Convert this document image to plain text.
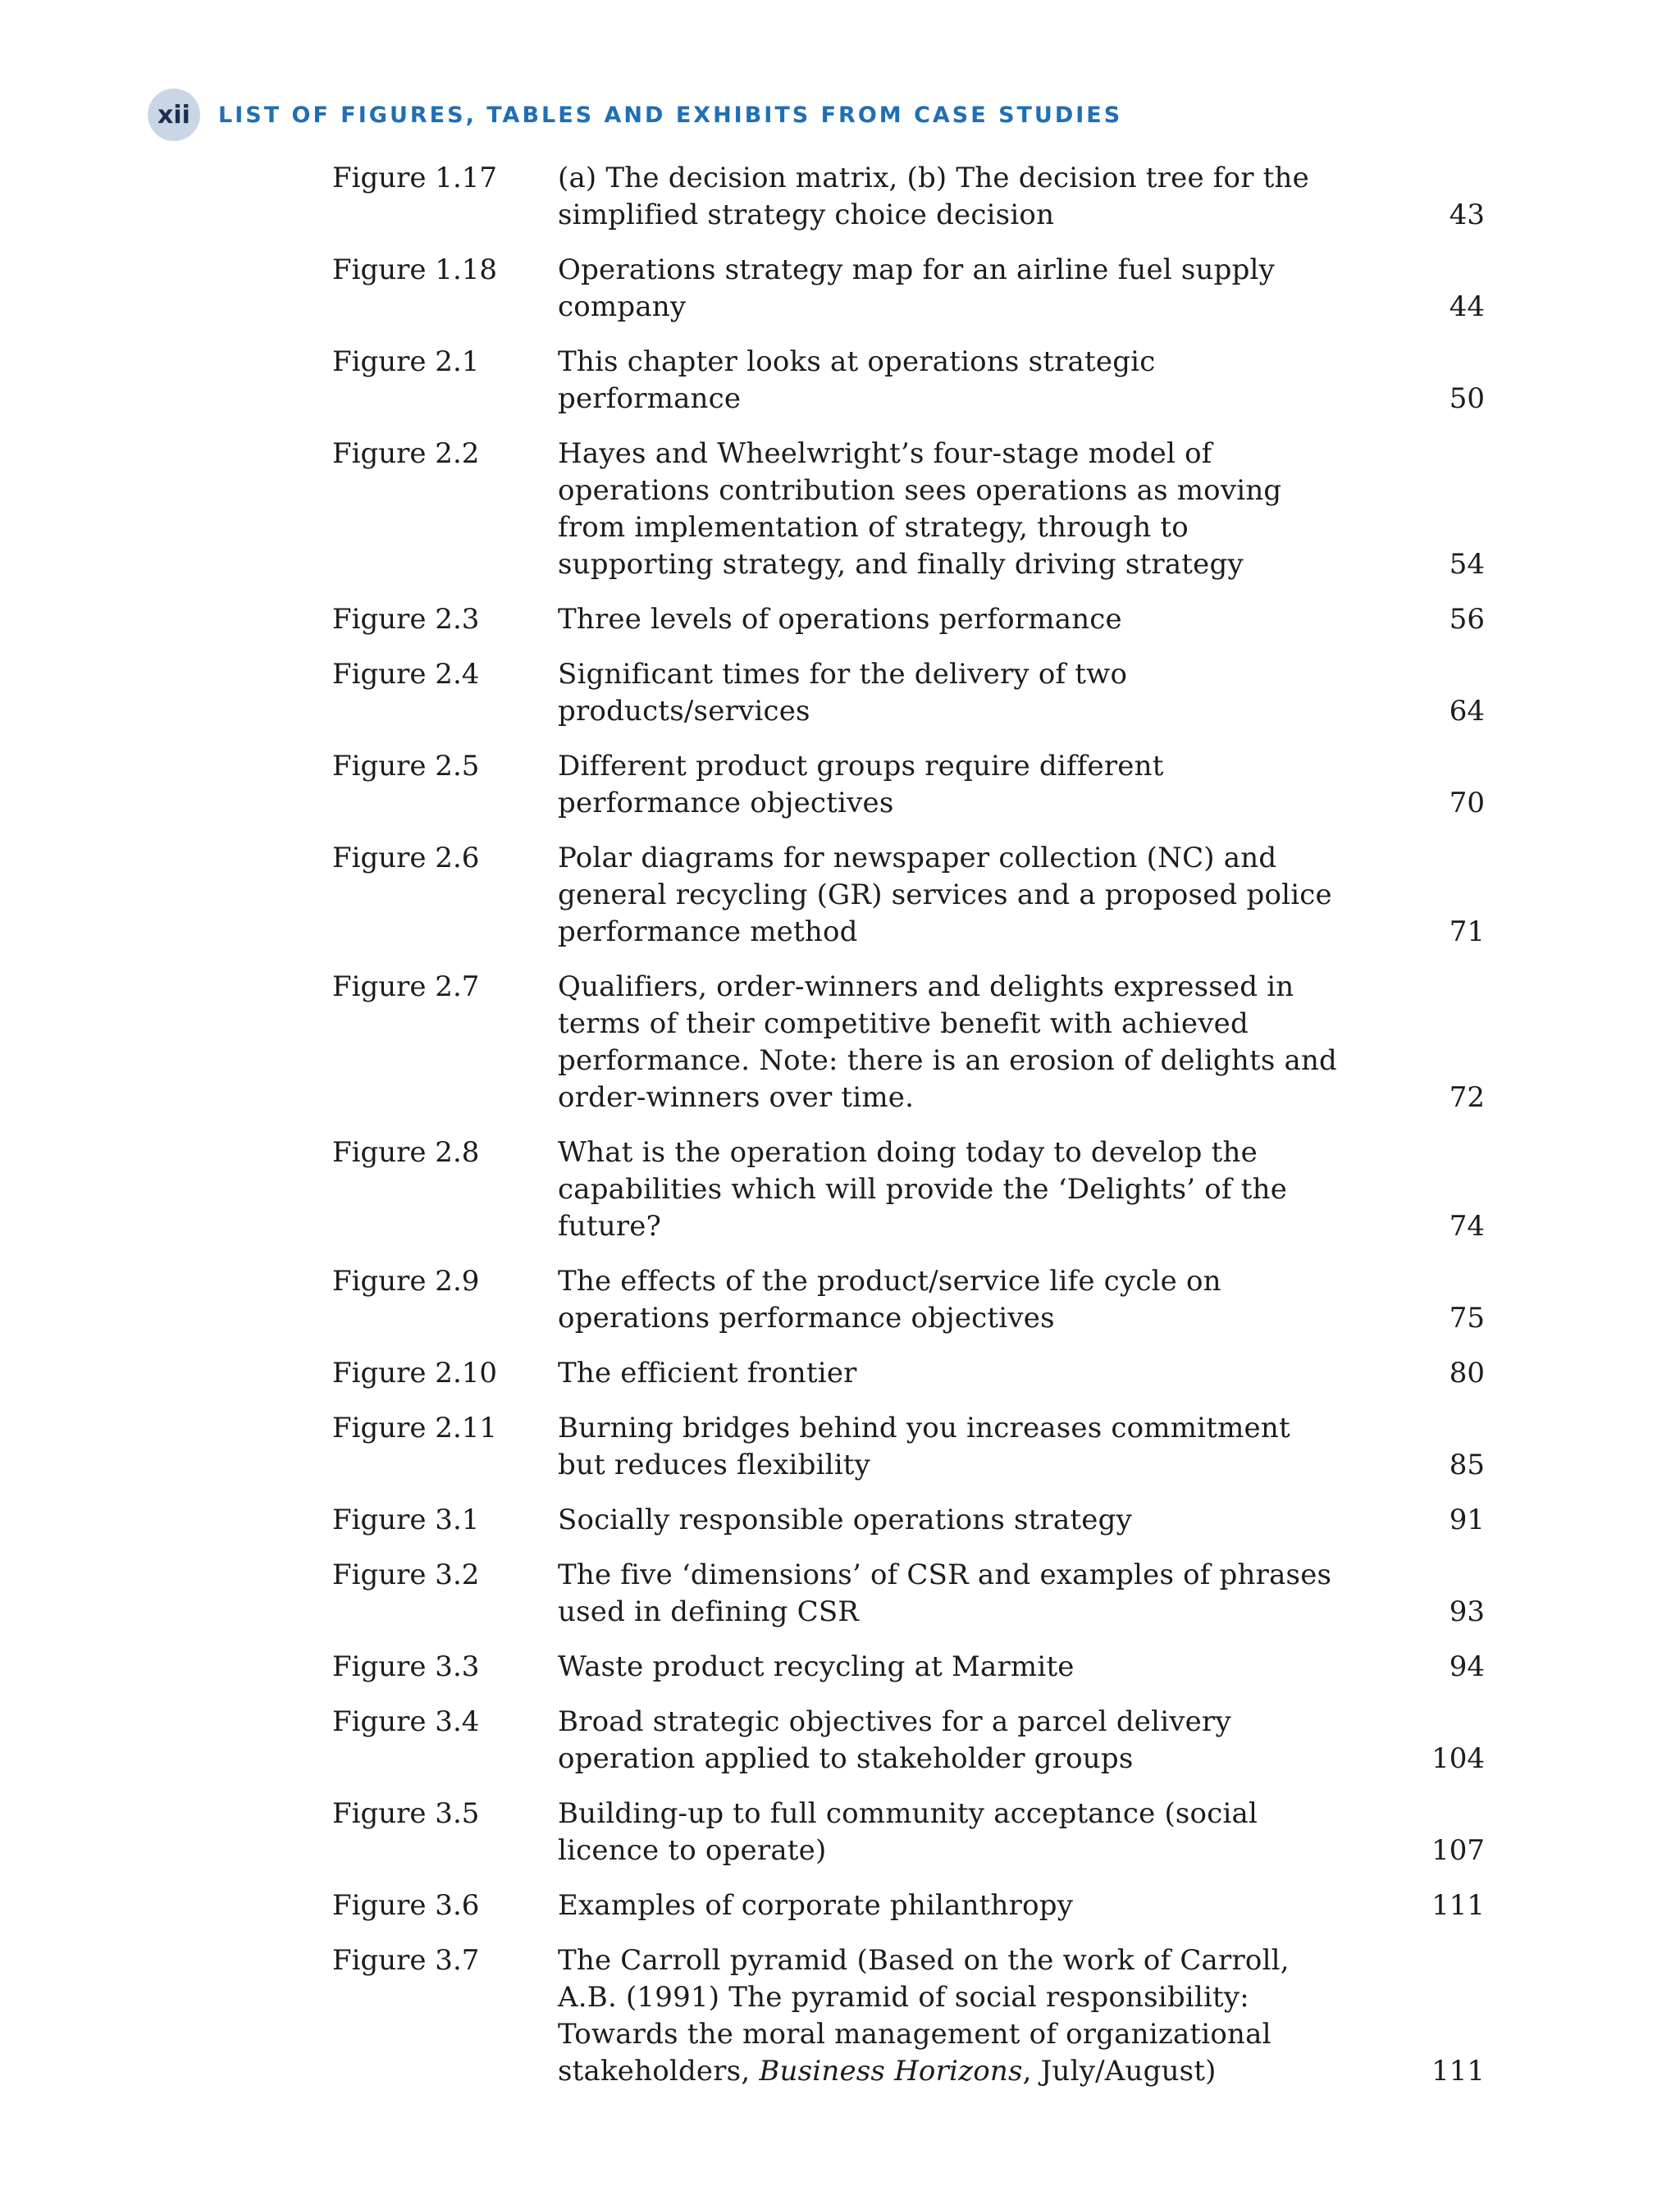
xii	LIST OF FIGURES, TABLES AND EXHIBITS FROM CASE STUDIES
Figure 1.17	(a) The decision matrix, (b) The decision tree for the simplified strategy choice decision	43
Figure 1.18	Operations strategy map for an airline fuel supply company	44
Figure 2.1	This chapter looks at operations strategic performance	50
Figure 2.2	Hayes and Wheelwright’s four-stage model of operations contribution sees operations as moving from implementation of strategy, through to supporting strategy, and finally driving strategy	54
Figure 2.3	Three levels of operations performance	56
Figure 2.4	Significant times for the delivery of two products/services	64
Figure 2.5	Different product groups require different performance objectives	70
Figure 2.6	Polar diagrams for newspaper collection (NC) and general recycling (GR) services and a proposed police performance method	71
Figure 2.7	Qualifiers, order-winners and delights expressed in terms of their competitive benefit with achieved performance. Note: there is an erosion of delights and order-winners over time.	72
Figure 2.8	What is the operation doing today to develop the capabilities which will provide the ‘Delights’ of the future?	74
Figure 2.9	The effects of the product/service life cycle on operations performance objectives	75
Figure 2.10	The efficient frontier	80
Figure 2.11	Burning bridges behind you increases commitment but reduces flexibility	85
Figure 3.1	Socially responsible operations strategy	91
Figure 3.2	The five ‘dimensions’ of CSR and examples of phrases used in defining CSR	93
Figure 3.3	Waste product recycling at Marmite	94
Figure 3.4	Broad strategic objectives for a parcel delivery operation applied to stakeholder groups	104
Figure 3.5	Building-up to full community acceptance (social licence to operate)	107
Figure 3.6	Examples of corporate philanthropy	111
Figure 3.7	The Carroll pyramid (Based on the work of Carroll, A.B. (1991) The pyramid of social responsibility: Towards the moral management of organizational stakeholders, Business Horizons, July/August)	111
